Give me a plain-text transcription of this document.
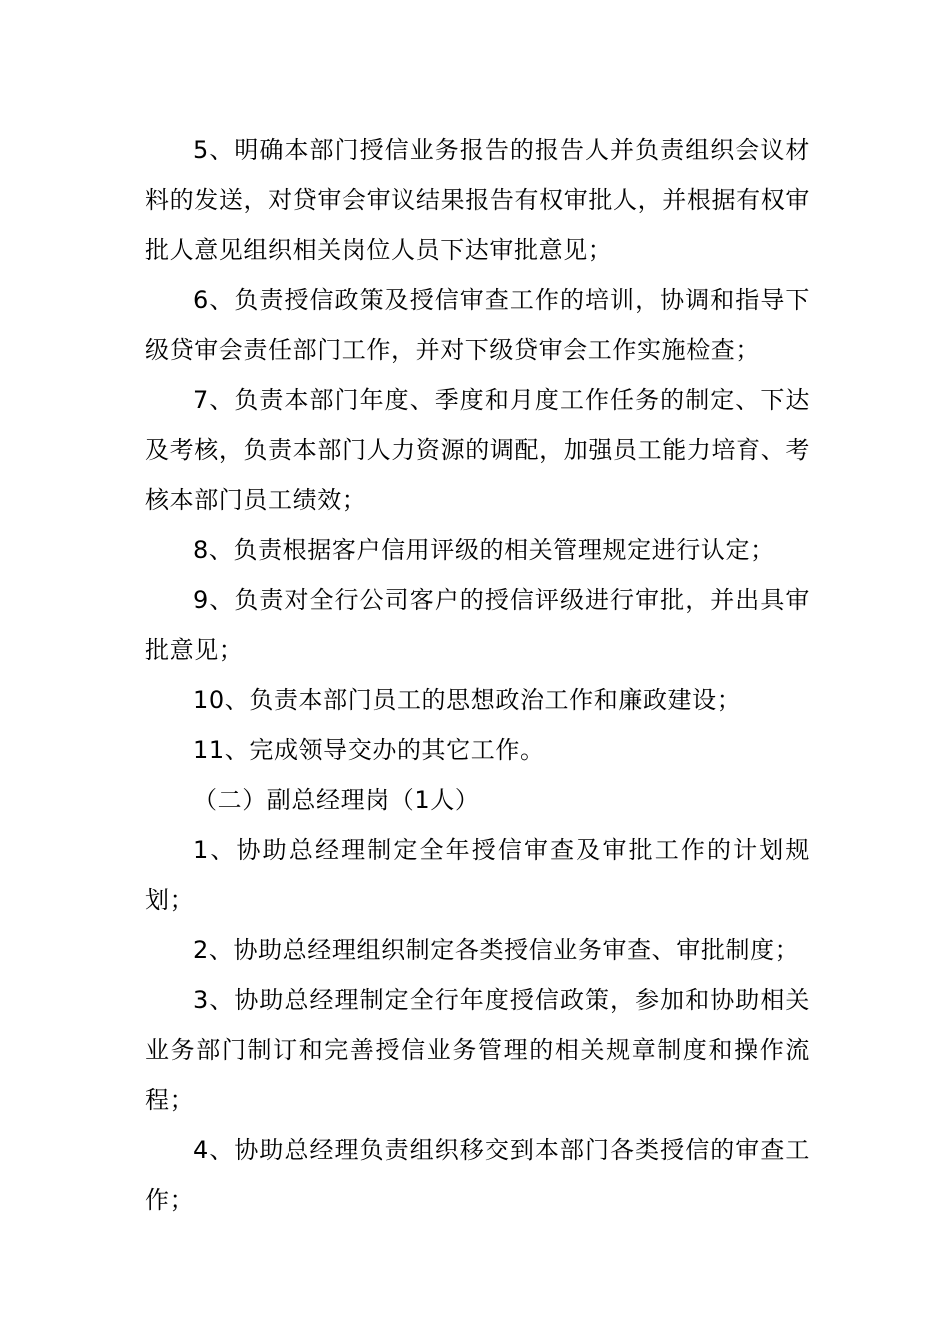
5、明确本部门授信业务报告的报告人并负责组织会议材料的发送，对贷审会审议结果报告有权审批人，并根据有权审批人意见组织相关岗位人员下达审批意见；

6、负责授信政策及授信审查工作的培训，协调和指导下级贷审会责任部门工作，并对下级贷审会工作实施检查；

7、负责本部门年度、季度和月度工作任务的制定、下达及考核，负责本部门人力资源的调配，加强员工能力培育、考核本部门员工绩效；

8、负责根据客户信用评级的相关管理规定进行认定；

9、负责对全行公司客户的授信评级进行审批，并出具审批意见；

10、负责本部门员工的思想政治工作和廉政建设；

11、完成领导交办的其它工作。

（二）副总经理岗（1人）

1、协助总经理制定全年授信审查及审批工作的计划规划；

2、协助总经理组织制定各类授信业务审查、审批制度；

3、协助总经理制定全行年度授信政策，参加和协助相关业务部门制订和完善授信业务管理的相关规章制度和操作流程；

4、协助总经理负责组织移交到本部门各类授信的审查工作；
